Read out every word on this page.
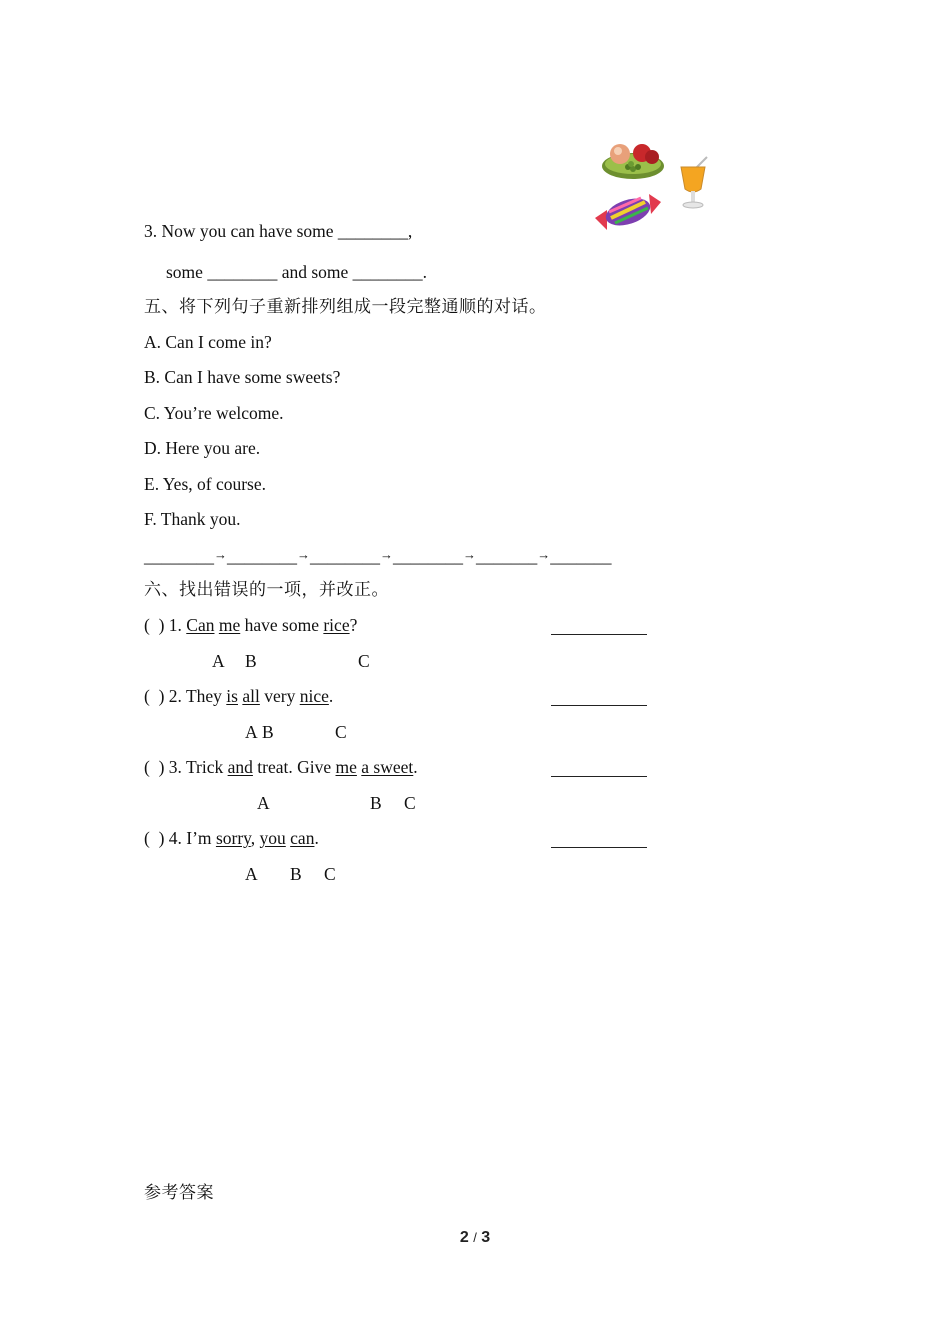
3. Now you can have some ________,
some ________ and some ________.
五、将下列句子重新排列组成一段完整通顺的对话。
A. Can I come in?
B. Can I have some sweets?
C. You’re welcome.
D. Here you are.
E. Yes, of course.
F. Thank you.
________→________→________→________→_______→_______
六、找出错误的一项，并改正。
(  ) 1. Can me have some rice?
A B	C
(  ) 2. They is all very nice.
A B	C
(  ) 3. Trick and treat. Give me a sweet.
A	B C
(  ) 4. I’m sorry, you can.
A B C
参考答案
2 / 3
